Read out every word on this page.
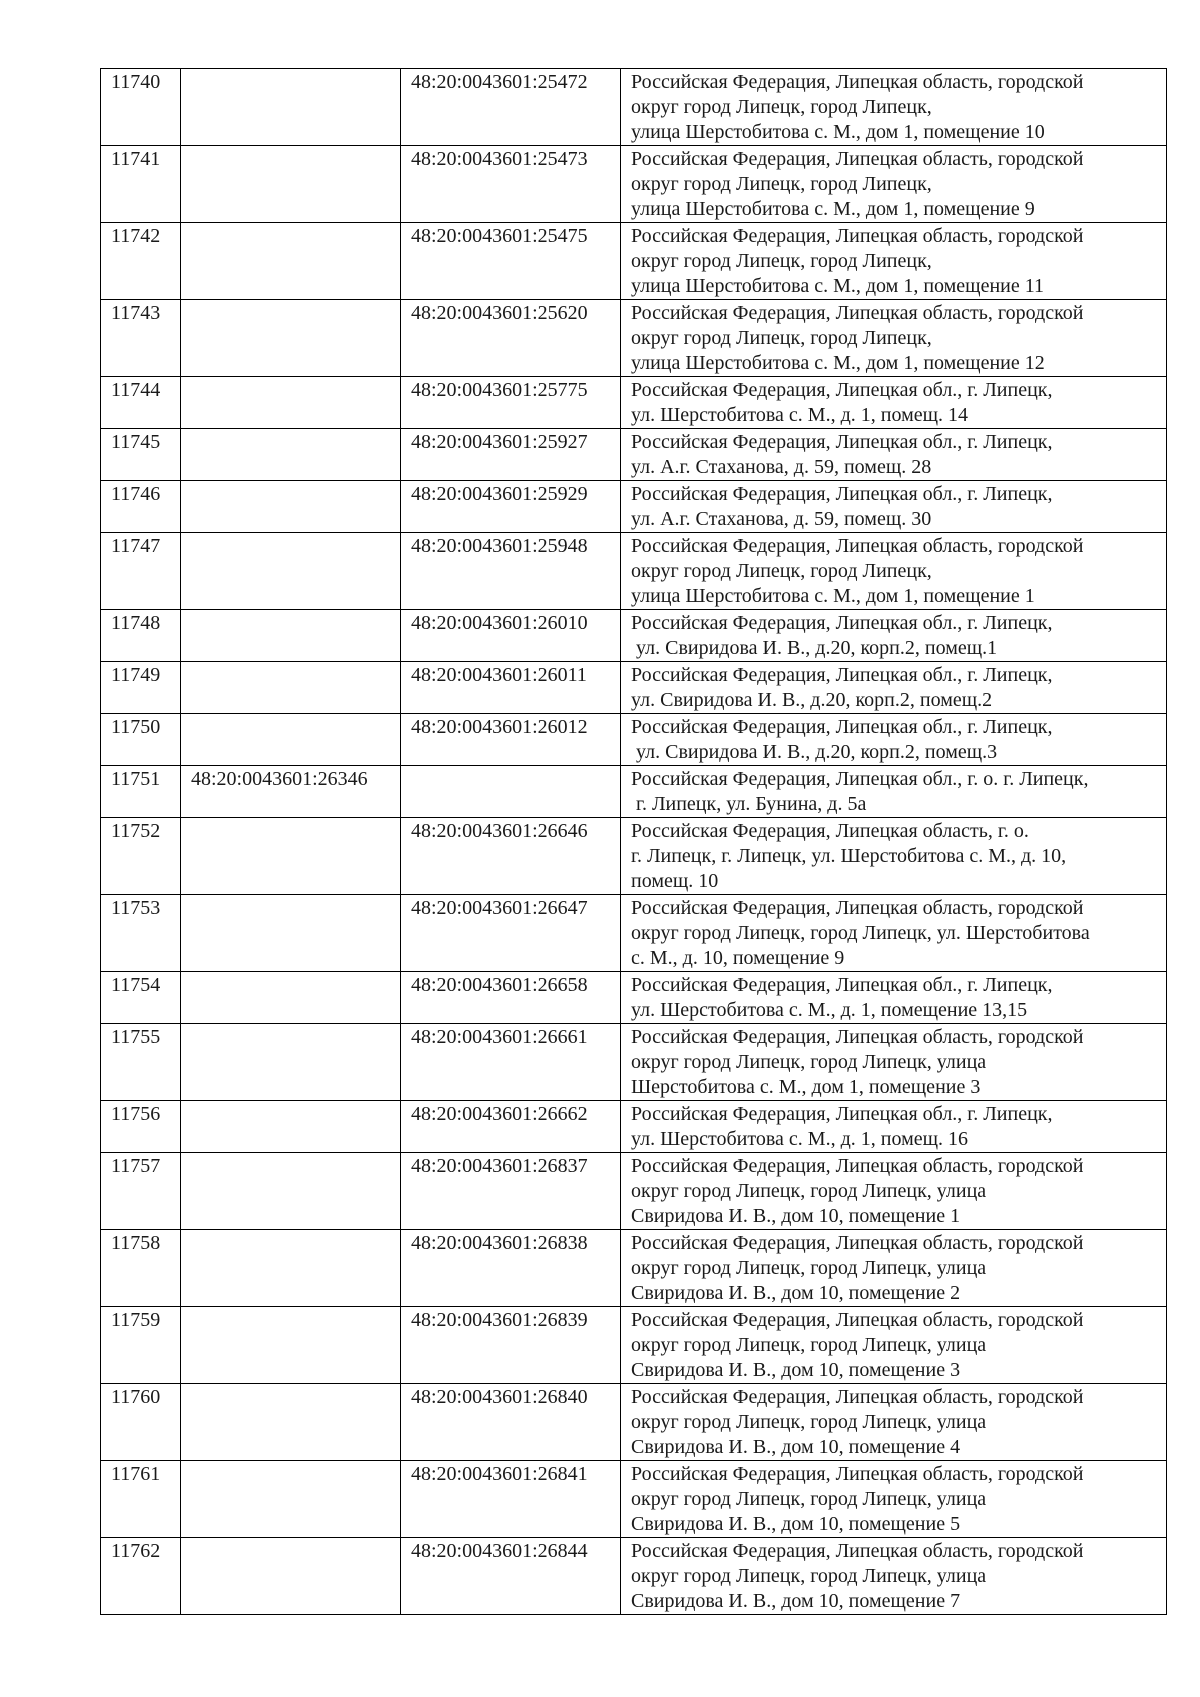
11740		48:20:0043601:25472	Российская Федерация, Липецкая область, городской
округ город Липецк, город Липецк,
улица Шерстобитова с. М., дом 1, помещение 10

11741		48:20:0043601:25473	Российская Федерация, Липецкая область, городской
округ город Липецк, город Липецк,
улица Шерстобитова с. М., дом 1, помещение 9

11742		48:20:0043601:25475	Российская Федерация, Липецкая область, городской
округ город Липецк, город Липецк,
улица Шерстобитова с. М., дом 1, помещение 11

11743		48:20:0043601:25620	Российская Федерация, Липецкая область, городской
округ город Липецк, город Липецк,
улица Шерстобитова с. М., дом 1, помещение 12

11744		48:20:0043601:25775	Российская Федерация, Липецкая обл., г. Липецк,
ул. Шерстобитова с. М., д. 1, помещ. 14

11745		48:20:0043601:25927	Российская Федерация, Липецкая обл., г. Липецк,
ул. А.г. Стаханова, д. 59, помещ. 28

11746		48:20:0043601:25929	Российская Федерация, Липецкая обл., г. Липецк,
ул. А.г. Стаханова, д. 59, помещ. 30

11747		48:20:0043601:25948	Российская Федерация, Липецкая область, городской
округ город Липецк, город Липецк,
улица Шерстобитова с. М., дом 1, помещение 1

11748		48:20:0043601:26010	Российская Федерация, Липецкая обл., г. Липецк,
ул. Свиридова И. В., д.20, корп.2, помещ.1

11749		48:20:0043601:26011	Российская Федерация, Липецкая обл., г. Липецк,
ул. Свиридова И. В., д.20, корп.2, помещ.2

11750		48:20:0043601:26012	Российская Федерация, Липецкая обл., г. Липецк,
ул. Свиридова И. В., д.20, корп.2, помещ.3

11751	48:20:0043601:26346		Российская Федерация, Липецкая обл., г. о. г. Липецк,
г. Липецк, ул. Бунина, д. 5а

11752		48:20:0043601:26646	Российская Федерация, Липецкая область, г. о.
г. Липецк, г. Липецк, ул. Шерстобитова с. М., д. 10,
помещ. 10

11753		48:20:0043601:26647	Российская Федерация, Липецкая область, городской
округ город Липецк, город Липецк, ул. Шерстобитова
с. М., д. 10, помещение 9

11754		48:20:0043601:26658	Российская Федерация, Липецкая обл., г. Липецк,
ул. Шерстобитова с. М., д. 1, помещение 13,15

11755		48:20:0043601:26661	Российская Федерация, Липецкая область, городской
округ город Липецк, город Липецк, улица
Шерстобитова с. М., дом 1, помещение 3

11756		48:20:0043601:26662	Российская Федерация, Липецкая обл., г. Липецк,
ул. Шерстобитова с. М., д. 1, помещ. 16

11757		48:20:0043601:26837	Российская Федерация, Липецкая область, городской
округ город Липецк, город Липецк, улица
Свиридова И. В., дом 10, помещение 1

11758		48:20:0043601:26838	Российская Федерация, Липецкая область, городской
округ город Липецк, город Липецк, улица
Свиридова И. В., дом 10, помещение 2

11759		48:20:0043601:26839	Российская Федерация, Липецкая область, городской
округ город Липецк, город Липецк, улица
Свиридова И. В., дом 10, помещение 3

11760		48:20:0043601:26840	Российская Федерация, Липецкая область, городской
округ город Липецк, город Липецк, улица
Свиридова И. В., дом 10, помещение 4

11761		48:20:0043601:26841	Российская Федерация, Липецкая область, городской
округ город Липецк, город Липецк, улица
Свиридова И. В., дом 10, помещение 5

11762		48:20:0043601:26844	Российская Федерация, Липецкая область, городской
округ город Липецк, город Липецк, улица
Свиридова И. В., дом 10, помещение 7
